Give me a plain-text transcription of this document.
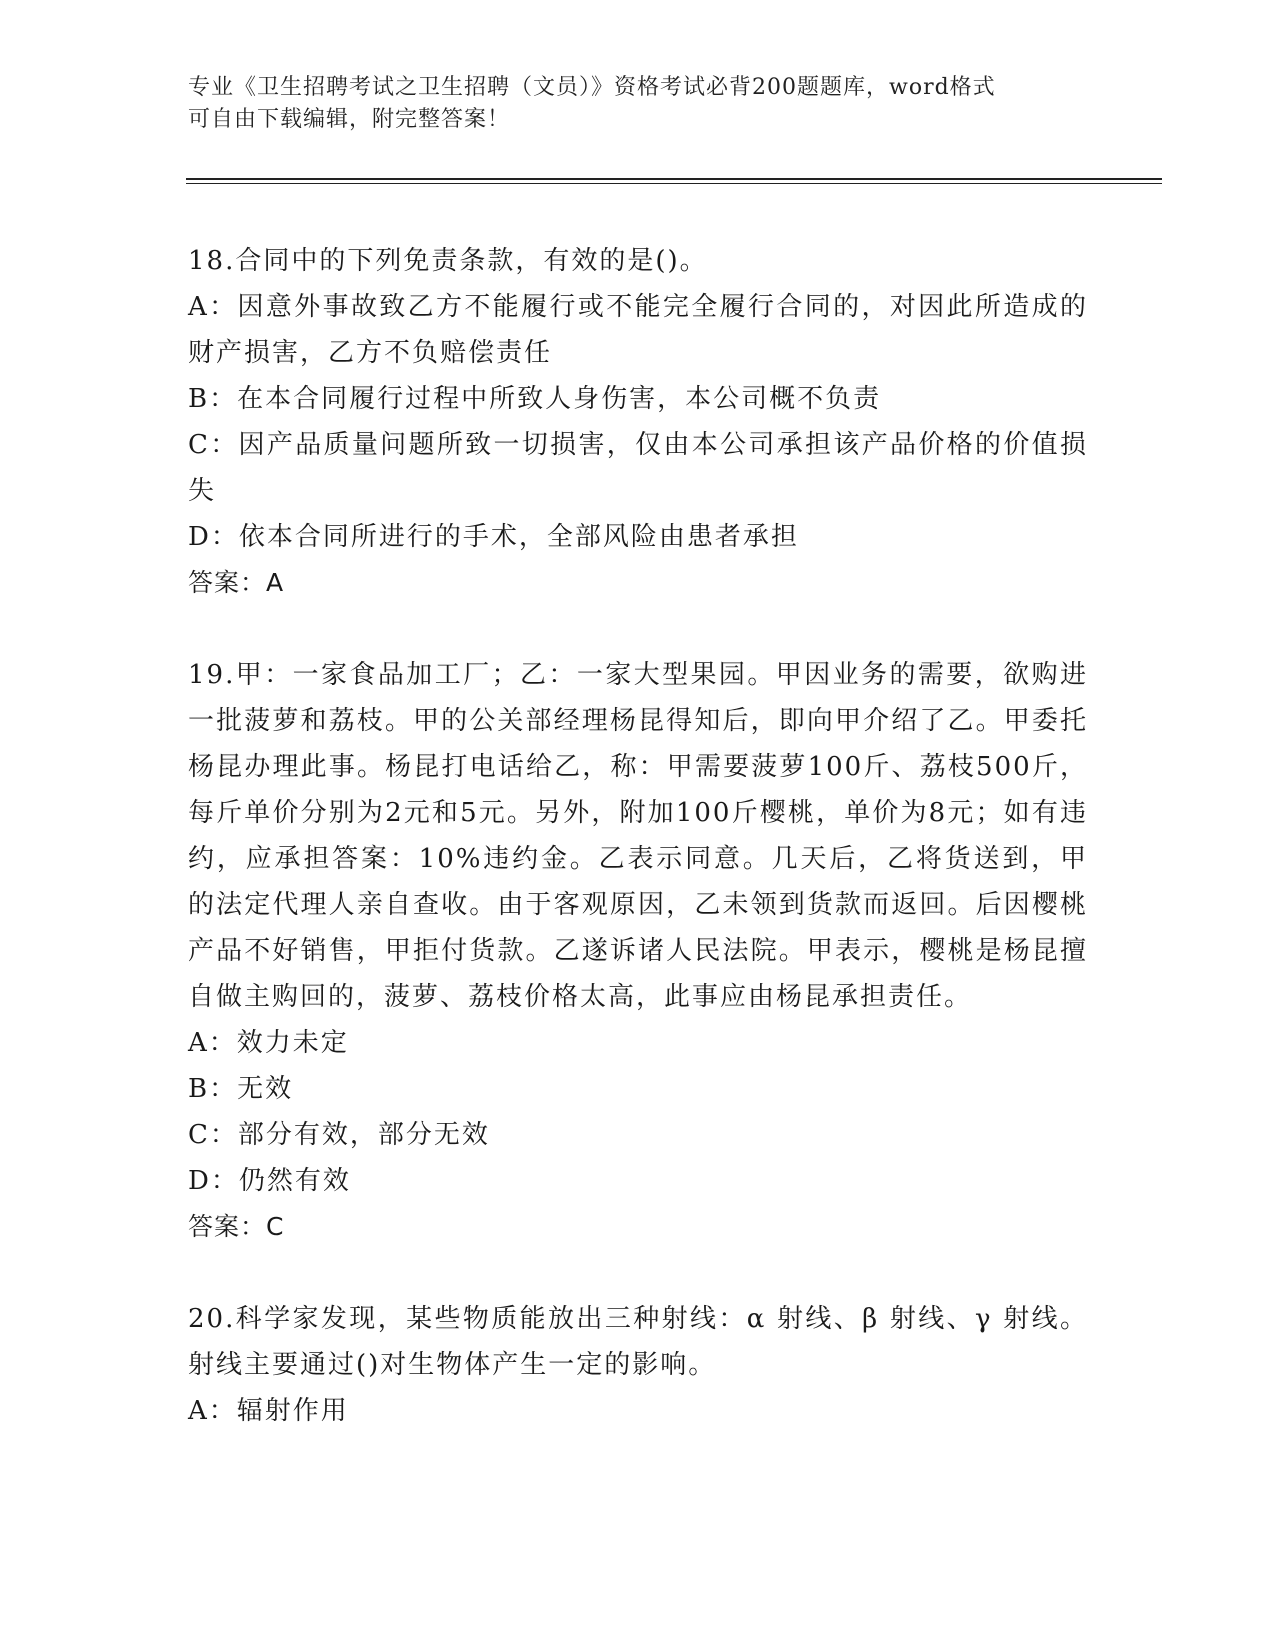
专业《卫生招聘考试之卫生招聘（文员）》资格考试必背200题题库，word格式
可自由下载编辑，附完整答案！

18.合同中的下列免责条款，有效的是()。

A：因意外事故致乙方不能履行或不能完全履行合同的，对因此所造成的财产损害，乙方不负赔偿责任

B：在本合同履行过程中所致人身伤害，本公司概不负责

C：因产品质量问题所致一切损害，仅由本公司承担该产品价格的价值损失

D：依本合同所进行的手术，全部风险由患者承担

答案：A

19.甲：一家食品加工厂；乙：一家大型果园。甲因业务的需要，欲购进一批菠萝和荔枝。甲的公关部经理杨昆得知后，即向甲介绍了乙。甲委托杨昆办理此事。杨昆打电话给乙，称：甲需要菠萝100斤、荔枝500斤，每斤单价分别为2元和5元。另外，附加100斤樱桃，单价为8元；如有违约，应承担答案：10%违约金。乙表示同意。几天后，乙将货送到，甲的法定代理人亲自查收。由于客观原因，乙未领到货款而返回。后因樱桃产品不好销售，甲拒付货款。乙遂诉诸人民法院。甲表示，樱桃是杨昆擅自做主购回的，菠萝、荔枝价格太高，此事应由杨昆承担责任。

A：效力未定

B：无效

C：部分有效，部分无效

D：仍然有效

答案：C

20.科学家发现，某些物质能放出三种射线：α 射线、β 射线、γ 射线。射线主要通过()对生物体产生一定的影响。

A：辐射作用
